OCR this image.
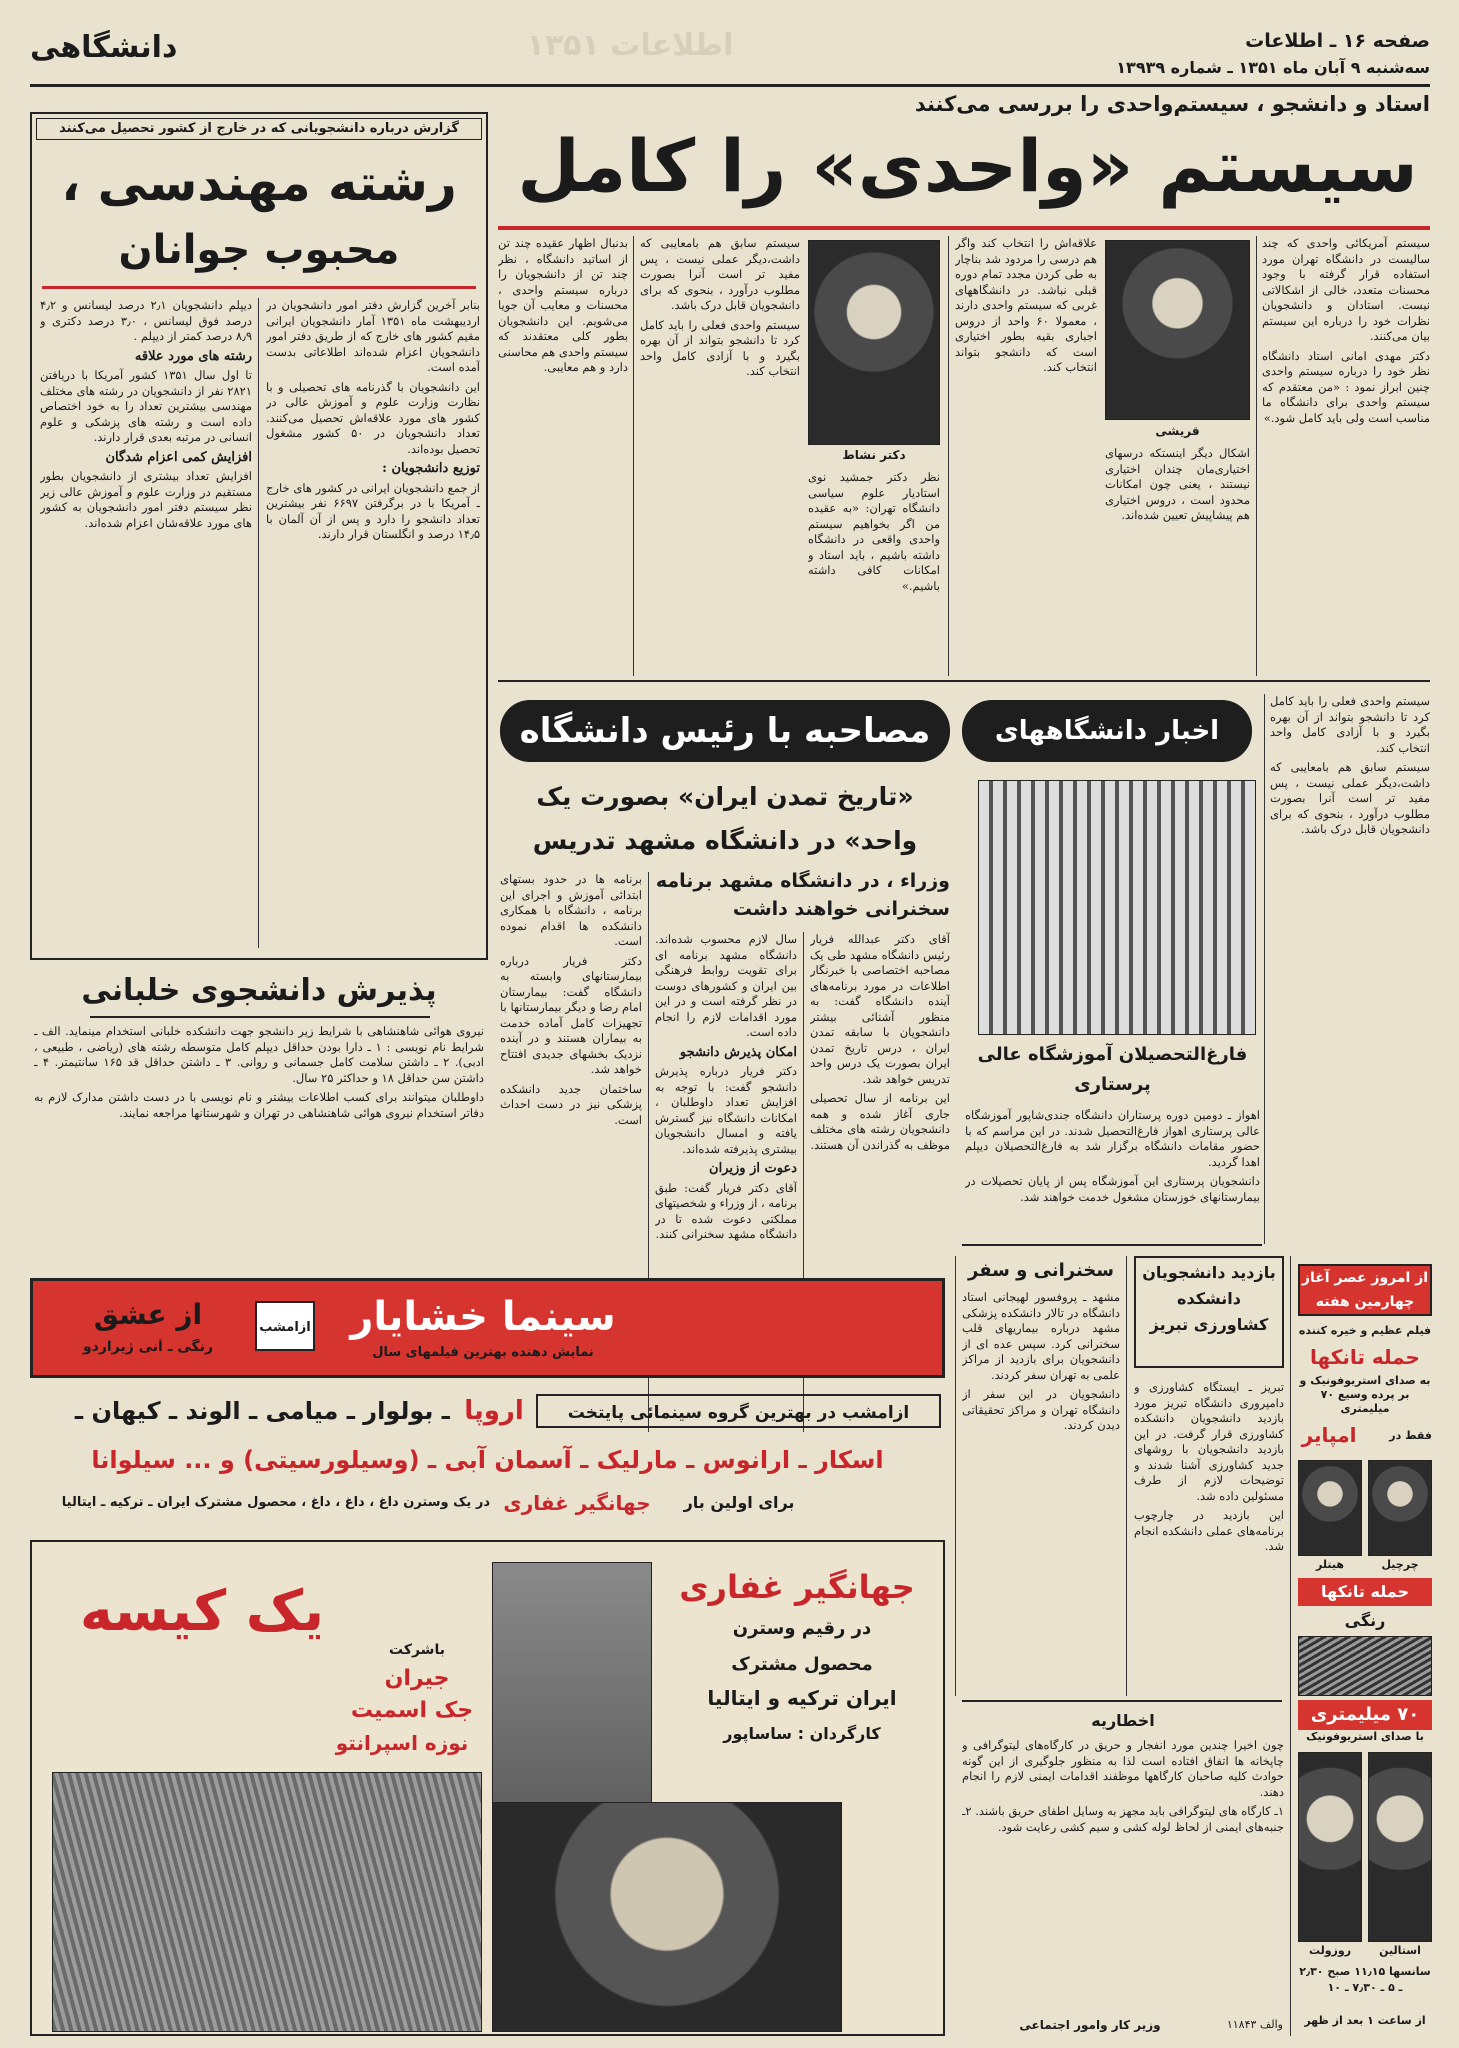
اطلاعات ۱۳۵۱
دانشگاهی	صفحه ۱۶ ـ اطلاعات
سه‌شنبه ۹ آبان ماه ۱۳۵۱ ـ شماره ۱۳۹۳۹
استاد و دانشجو ، سیستم‌واحدی را بررسی می‌کنند
سیستم «واحدی» را کامل

سیستم آمریکائی واحدی که چند سالیست در دانشگاه تهران مورد استفاده قرار گرفته با وجود محسنات متعدد، خالی از اشکالاتی نیست. استادان و دانشجویان نظرات خود را درباره این سیستم بیان می‌کنند.

دکتر مهدی امانی استاد دانشگاه نظر خود را درباره سیستم واحدی چنین ابراز نمود : «من معتقدم که سیستم واحدی برای دانشگاه ما مناسب است ولی باید کامل شود.»

قریشی

اشکال دیگر اینستکه درسهای اختیاری‌مان چندان اختیاری نیستند ، یعنی چون امکانات محدود است ، دروس اختیاری هم پیشاپیش تعیین شده‌اند.

علاقه‌اش را انتخاب کند واگر هم درسی را مردود شد بناچار به طی کردن مجدد تمام دوره قبلی نباشد. در دانشگاههای غربی که سیستم واحدی دارند ، معمولا ۶۰ واحد از دروس اجباری بقیه بطور اختیاری است که دانشجو بتواند انتخاب کند.

دکتر نشاط

نظر دکتر جمشید نوی استادیار علوم سیاسی دانشگاه تهران: «به عقیده من اگر بخواهیم سیستم واحدی واقعی در دانشگاه داشته باشیم ، باید استاد و امکانات کافی داشته باشیم.»

سیستم سابق هم بامعایبی که داشت،دیگر عملی نیست ، پس مفید تر است آنرا بصورت مطلوب درآورد ، بنحوی که برای دانشجویان قابل درک باشد.

سیستم واحدی فعلی را باید کامل کرد تا دانشجو بتواند از آن بهره بگیرد و با آزادی کامل واحد انتخاب کند.

بدنبال اظهار عقیده چند تن از اساتید دانشگاه ، نظر چند تن از دانشجویان را درباره سیستم واحدی ، محسنات و معایب آن جویا می‌شویم. این دانشجویان بطور کلی معتقدند که سیستم واحدی هم محاسنی دارد و هم معایبی.

گزارش درباره دانشجویانی که در خارج از کشور تحصیل می‌کنند
رشته مهندسی ،
محبوب جوانان

بنابر آخرین گزارش دفتر امور دانشجویان در اردیبهشت ماه ۱۳۵۱ آمار دانشجویان ایرانی مقیم کشور های خارج که از طریق دفتر امور دانشجویان اعزام شده‌اند اطلاعاتی بدست آمده است.

این دانشجویان با گذرنامه های تحصیلی و با نظارت وزارت علوم و آموزش عالی در کشور های مورد علاقه‌اش تحصیل می‌کنند. تعداد دانشجویان در ۵۰ کشور مشغول تحصیل بوده‌اند.

توزیع دانشجویان :

از جمع دانشجویان ایرانی در کشور های خارج ـ آمریکا با در برگرفتن ۶۶۹۷ نفر بیشترین تعداد دانشجو را دارد و پس از آن آلمان با ۱۴٫۵ درصد و انگلستان قرار دارند.

دیپلم دانشجویان ۲٫۱ درصد لیسانس و ۴٫۲ درصد فوق لیسانس ، ۳٫۰ درصد دکتری و ۸٫۹ درصد کمتر از دیپلم .

رشته های مورد علاقه

تا اول سال ۱۳۵۱ کشور آمریکا با دریافتن ۲۸۲۱ نفر از دانشجویان در رشته های مختلف مهندسی بیشترین تعداد را به خود اختصاص داده است و رشته های پزشکی و علوم انسانی در مرتبه بعدی قرار دارند.

افزایش کمی اعزام شدگان

افزایش تعداد بیشتری از دانشجویان بطور مستقیم در وزارت علوم و آموزش عالی زیر نظر سیستم دفتر امور دانشجویان به کشور های مورد علاقه‌شان اعزام شده‌اند.

پذیرش دانشجوی خلبانی

نیروی هوائی شاهنشاهی با شرایط زیر دانشجو جهت دانشکده خلبانی استخدام مینماید. الف ـ شرایط نام نویسی : ۱ ـ دارا بودن حداقل دیپلم کامل متوسطه رشته های (ریاضی ، طبیعی ، ادبی). ۲ ـ داشتن سلامت کامل جسمانی و روانی. ۳ ـ داشتن حداقل قد ۱۶۵ سانتیمتر. ۴ ـ داشتن سن حداقل ۱۸ و حداکثر ۲۵ سال.

داوطلبان میتوانند برای کسب اطلاعات بیشتر و نام نویسی با در دست داشتن مدارک لازم به دفاتر استخدام نیروی هوائی شاهنشاهی در تهران و شهرستانها مراجعه نمایند.

مصاحبه با رئیس دانشگاه
«تاریخ تمدن ایران» بصورت یک
واحد» در دانشگاه مشهد تدریس
وزراء ، در دانشگاه مشهد برنامه
سخنرانی خواهند داشت

آقای دکتر عبدالله فریار رئیس دانشگاه مشهد طی یک مصاحبه اختصاصی با خبرنگار اطلاعات در مورد برنامه‌های آینده دانشگاه گفت: به منظور آشنائی بیشتر دانشجویان با سابقه تمدن ایران ، درس تاریخ تمدن ایران بصورت یک درس واحد تدریس خواهد شد.

این برنامه از سال تحصیلی جاری آغاز شده و همه دانشجویان رشته های مختلف موظف به گذراندن آن هستند.

سال لازم محسوب شده‌اند. دانشگاه مشهد برنامه ای برای تقویت روابط فرهنگی بین ایران و کشورهای دوست در نظر گرفته است و در این مورد اقدامات لازم را انجام داده است.

امکان پذیرش دانشجو

دکتر فریار درباره پذیرش دانشجو گفت: با توجه به افزایش تعداد داوطلبان ، امکانات دانشگاه نیز گسترش یافته و امسال دانشجویان بیشتری پذیرفته شده‌اند.

دعوت از وزیران

آقای دکتر فریار گفت: طبق برنامه ، از وزراء و شخصیتهای مملکتی دعوت شده تا در دانشگاه مشهد سخنرانی کنند.

برنامه ها در حدود بستهای ابتدائی آموزش و اجرای این برنامه ، دانشگاه با همکاری دانشکده ها اقدام نموده است.

دکتر فریار درباره بیمارستانهای وابسته به دانشگاه گفت: بیمارستان امام رضا و دیگر بیمارستانها با تجهیزات کامل آماده خدمت به بیماران هستند و در آینده نزدیک بخشهای جدیدی افتتاح خواهد شد.

ساختمان جدید دانشکده پزشکی نیز در دست احداث است.

اخبار دانشگاههای
فارغ‌التحصیلان آموزشگاه عالی پرستاری

اهواز ـ دومین دوره پرستاران دانشگاه جندی‌شاپور آموزشگاه عالی پرستاری اهواز فارغ‌التحصیل شدند. در این مراسم که با حضور مقامات دانشگاه برگزار شد به فارغ‌التحصیلان دیپلم اهدا گردید.

دانشجویان پرستاری این آموزشگاه پس از پایان تحصیلات در بیمارستانهای خوزستان مشغول خدمت خواهند شد.

سیستم واحدی فعلی را باید کامل کرد تا دانشجو بتواند از آن بهره بگیرد و با آزادی کامل واحد انتخاب کند.

سیستم سابق هم بامعایبی که داشت،دیگر عملی نیست ، پس مفید تر است آنرا بصورت مطلوب درآورد ، بنحوی که برای دانشجویان قابل درک باشد.

بازدید دانشجویان دانشکده کشاورزی تبریز

تبریز ـ ایستگاه کشاورزی و دامپروری دانشگاه تبریز مورد بازدید دانشجویان دانشکده کشاورزی قرار گرفت. در این بازدید دانشجویان با روشهای جدید کشاورزی آشنا شدند و توضیحات لازم از طرف مسئولین داده شد.

این بازدید در چارچوب برنامه‌های عملی دانشکده انجام شد.

سخنرانی و سفر

مشهد ـ پروفسور لهیجانی استاد دانشگاه در تالار دانشکده پزشکی مشهد درباره بیماریهای قلب سخنرانی کرد. سپس عده ای از دانشجویان برای بازدید از مراکز علمی به تهران سفر کردند.

دانشجویان در این سفر از دانشگاه تهران و مراکز تحقیقاتی دیدن کردند.

اخطاریه

چون اخیرا چندین مورد انفجار و حریق در کارگاه‌های لیتوگرافی و چاپخانه ها اتفاق افتاده است لذا به منظور جلوگیری از این گونه حوادث کلیه صاحبان کارگاهها موظفند اقدامات ایمنی لازم را انجام دهند.

۱ـ کارگاه های لیتوگرافی باید مجهز به وسایل اطفای حریق باشند. ۲ـ جنبه‌های ایمنی از لحاظ لوله کشی و سیم کشی رعایت شود.

وزیر کار وامور اجتماعی	والف ۱۱۸۴۳
از امروز عصر آغاز چهارمین هفته
فیلم عظیم و خیره کننده
حمله تانکها
به صدای استریوفونیک و بر پرده وسیع ۷۰ میلیمتری
فقط در
امپایر
هیتلر	چرچیل
حمله تانکها
رنگی
۷۰ میلیمتری
با صدای استریوفونیک
روزولت	استالین
سانسها ۱۱٫۱۵ صبح ۲٫۳۰ ـ ۵ ـ ۷٫۳۰ ـ ۱۰
از ساعت ۱ بعد از ظهر
از عشق
رنگی ـ آنی ژیراردو
ازامشب سینما خشایار
نمایش دهنده بهترین فیلمهای سال
ـ بولوار ـ میامی ـ الوند ـ کیهان ـ	اروپا	ازامشب در بهترین گروه سینمائی پایتخت
اسکار ـ ارانوس ـ مارلیک ـ آسمان آبی ـ (وسیلورسیتی) و ... سیلوانا
در یک وسترن داغ ، داغ ، داغ ، محصول مشترک ایران ـ ترکیه ـ ایتالیا جهانگیر غفاری	برای اولین بار
یک کیسه	جهانگیر غفاری
در رقیم وسترن
محصول مشترک
ایران ترکیه و ایتالیا
کارگردان : ساساپور
باشرکت
جیران
جک اسمیت
نوزه اسپرانتو
